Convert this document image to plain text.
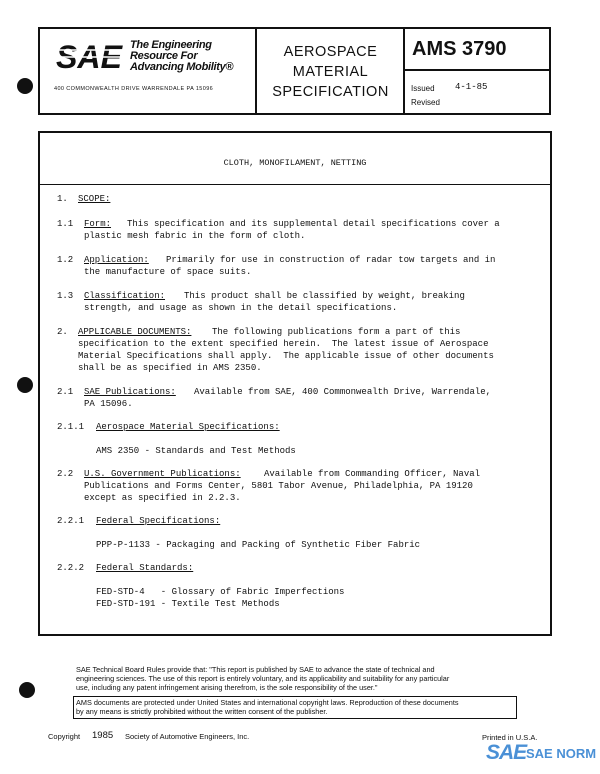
SAE The Engineering
Resource For
Advancing Mobility®
400 COMMONWEALTH DRIVE WARRENDALE PA 15096
AEROSPACE
MATERIAL
SPECIFICATION
AMS 3790
Issued 4-1-85
Revised
CLOTH, MONOFILAMENT, NETTING
1. SCOPE:
1.1 Form: This specification and its supplemental detail specifications cover a
plastic mesh fabric in the form of cloth.
1.2 Application: Primarily for use in construction of radar tow targets and in
the manufacture of space suits.
1.3 Classification: This product shall be classified by weight, breaking
strength, and usage as shown in the detail specifications.
2. APPLICABLE DOCUMENTS: The following publications form a part of this
specification to the extent specified herein.  The latest issue of Aerospace
Material Specifications shall apply.  The applicable issue of other documents
shall be as specified in AMS 2350.
2.1 SAE Publications: Available from SAE, 400 Commonwealth Drive, Warrendale,
PA 15096.
2.1.1 Aerospace Material Specifications:
AMS 2350 - Standards and Test Methods
2.2 U.S. Government Publications:	Available from Commanding Officer, Naval
Publications and Forms Center, 5801 Tabor Avenue, Philadelphia, PA 19120
except as specified in 2.2.3.
2.2.1 Federal Specifications:
PPP-P-1133 - Packaging and Packing of Synthetic Fiber Fabric
2.2.2 Federal Standards:
FED-STD-4   - Glossary of Fabric Imperfections
FED-STD-191 - Textile Test Methods
SAE Technical Board Rules provide that: "This report is published by SAE to advance the state of technical and
engineering sciences. The use of this report is entirely voluntary, and its applicability and suitability for any particular
use, including any patent infringement arising therefrom, is the sole responsibility of the user."
AMS documents are protected under United States and international copyright laws. Reproduction of these documents
by any means is strictly prohibited without the written consent of the publisher.
Copyright 1985 Society of Automotive Engineers, Inc.	Printed in U.S.A.
SAE SAE NORM
